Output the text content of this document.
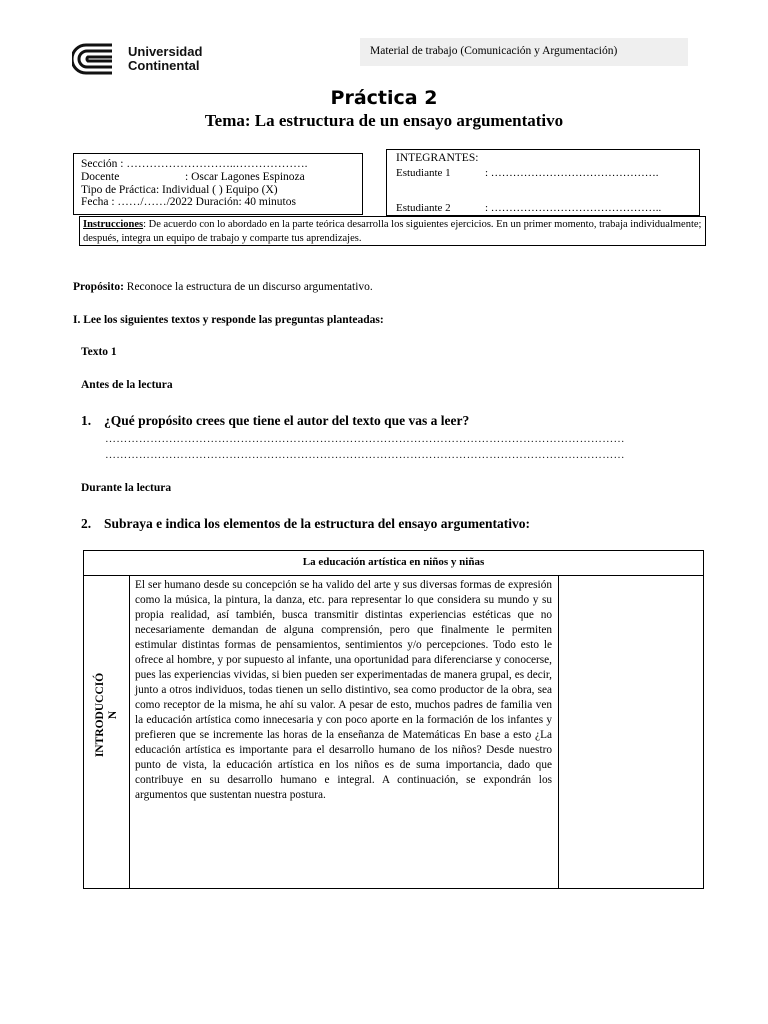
Universidad
Continental
Material de trabajo (Comunicación y Argumentación)
Práctica 2
Tema: La estructura de un ensayo argumentativo
Sección : ………………………..……………….
Docente	: Oscar Lagones Espinoza
Tipo de Práctica: Individual ( ) Equipo (X)
Fecha : ……/……/2022 Duración: 40 minutos
INTEGRANTES:
Estudiante 1	: ……………………………………….
Estudiante 2	: ………………………………………..
Instrucciones: De acuerdo con lo abordado en la parte teórica desarrolla los siguientes ejercicios. En un primer momento, trabaja individualmente; después, integra un equipo de trabajo y comparte tus aprendizajes.
Propósito: Reconoce la estructura de un discurso argumentativo.
I. Lee los siguientes textos y responde las preguntas planteadas:
Texto 1
Antes de la lectura
1. ¿Qué propósito crees que tiene el autor del texto que vas a leer?
…………………………………………………………………………………………………………………………
…………………………………………………………………………………………………………………………
Durante la lectura
2. Subraya e indica los elementos de la estructura del ensayo argumentativo:
La educación artística en niños y niñas
INTRODUCCIÓ N
El ser humano desde su concepción se ha valido del arte y sus diversas formas de expresión como la música, la pintura, la danza, etc. para representar lo que considera su mundo y su propia realidad, así también, busca transmitir distintas experiencias estéticas que no necesariamente demandan de alguna comprensión, pero que finalmente le permiten estimular distintas formas de pensamientos, sentimientos y/o percepciones. Todo esto le ofrece al hombre, y por supuesto al infante, una oportunidad para diferenciarse y conocerse, pues las experiencias vividas, si bien pueden ser experimentadas de manera grupal, es decir, junto a otros individuos, todas tienen un sello distintivo, sea como productor de la obra, sea como receptor de la misma, he ahí su valor. A pesar de esto, muchos padres de familia ven la educación artística como innecesaria y con poco aporte en la formación de los infantes y prefieren que se incremente las horas de la enseñanza de Matemáticas En base a esto ¿La educación artística es importante para el desarrollo humano de los niños? Desde nuestro punto de vista, la educación artística en los niños es de suma importancia, dado que contribuye en su desarrollo humano e integral. A continuación, se expondrán los argumentos que sustentan nuestra postura.
